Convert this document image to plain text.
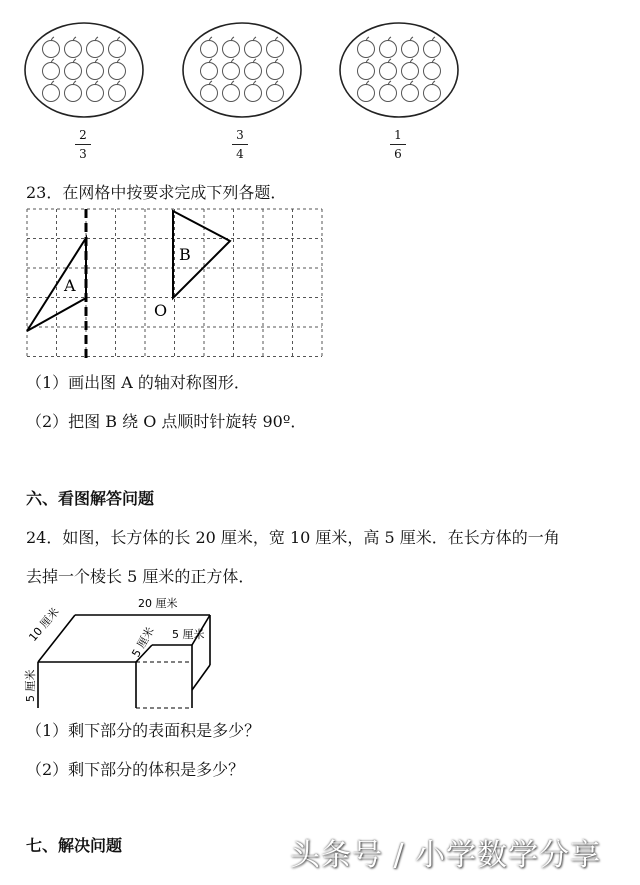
2
3
3
4
1
6
23．在网格中按要求完成下列各题．
A
B
O
（1）画出图 A 的轴对称图形．
（2）把图 B 绕 O 点顺时针旋转 90º．
六、看图解答问题
24．如图，长方体的长 20 厘米，宽 10 厘米，高 5 厘米．在长方体的一角
去掉一个棱长 5 厘米的正方体．
20 厘米
10 厘米	5 厘米
5 厘米
5 厘米
（1）剩下部分的表面积是多少？
（2）剩下部分的体积是多少？
七、解决问题	头条号 / 小学数学分享
